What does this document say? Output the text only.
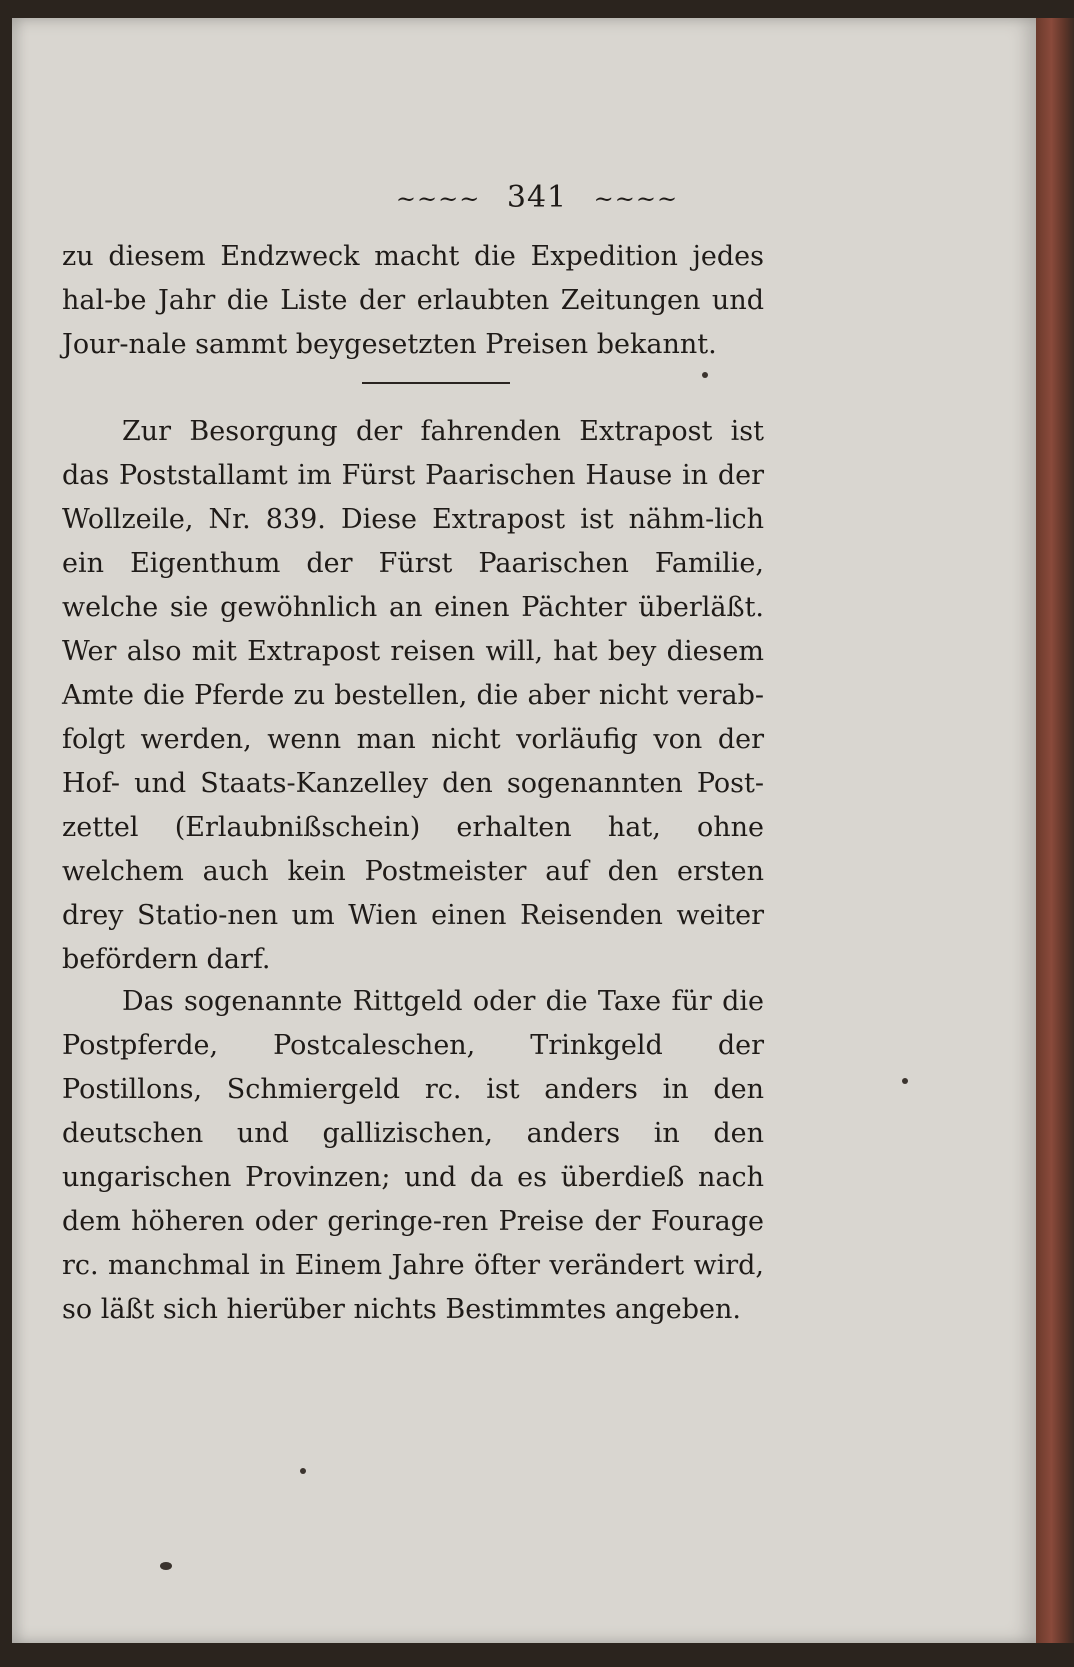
~~~~ 341 ~~~~

zu diesem Endzweck macht die Expedition jedes hal-be Jahr die Liste der erlaubten Zeitungen und Jour-nale sammt beygesetzten Preisen bekannt.

Zur Besorgung der fahrenden Extrapost ist das Poststallamt im Fürst Paarischen Hause in der Wollzeile, Nr. 839. Diese Extrapost ist nähm-lich ein Eigenthum der Fürst Paarischen Familie, welche sie gewöhnlich an einen Pächter überläßt. Wer also mit Extrapost reisen will, hat bey diesem Amte die Pferde zu bestellen, die aber nicht verab-folgt werden, wenn man nicht vorläufig von der Hof- und Staats-Kanzelley den sogenannten Post-zettel (Erlaubnißschein) erhalten hat, ohne welchem auch kein Postmeister auf den ersten drey Statio-nen um Wien einen Reisenden weiter befördern darf.

Das sogenannte Rittgeld oder die Taxe für die Postpferde, Postcaleschen, Trinkgeld der Postillons, Schmiergeld rc. ist anders in den deutschen und gallizischen, anders in den ungarischen Provinzen; und da es überdieß nach dem höheren oder geringe-ren Preise der Fourage rc. manchmal in Einem Jahre öfter verändert wird, so läßt sich hierüber nichts Bestimmtes angeben.
